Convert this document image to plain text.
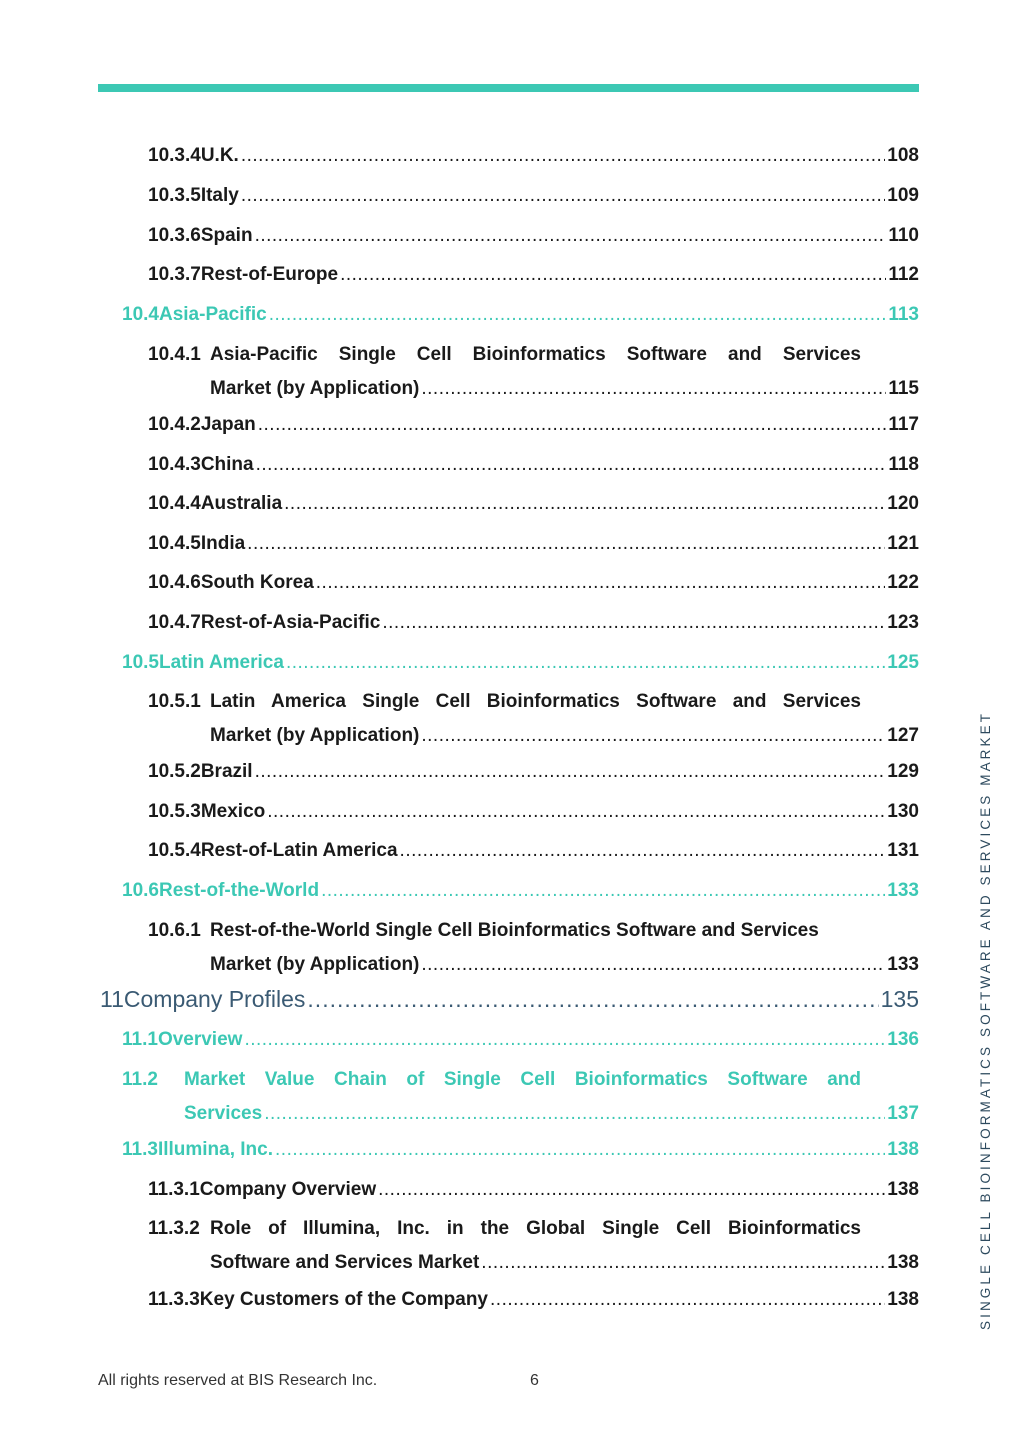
10.3.4 U.K. .....	108
10.3.5 Italy .....	109
10.3.6 Spain .....	110
10.3.7 Rest-of-Europe .....	112
10.4 Asia-Pacific .....	113
10.4.1 Asia-Pacific Single Cell Bioinformatics Software and Services
Market (by Application) .....	115
10.4.2 Japan .....	117
10.4.3 China .....	118
10.4.4 Australia .....	120
10.4.5 India .....	121
10.4.6 South Korea .....	122
10.4.7 Rest-of-Asia-Pacific .....	123
10.5 Latin America .....	125
10.5.1 Latin America Single Cell Bioinformatics Software and Services
Market (by Application) .....	127
10.5.2 Brazil .....	129
10.5.3 Mexico .....	130
10.5.4 Rest-of-Latin America .....	131
10.6 Rest-of-the-World .....	133
10.6.1 Rest-of-the-World Single Cell Bioinformatics Software and Services
Market (by Application) .....	133
11 Company Profiles .....	135
11.1 Overview .....	136
11.2	Market Value Chain of Single Cell Bioinformatics Software and
Services .....	137
11.3 Illumina, Inc. .....	138
11.3.1 Company Overview .....	138
11.3.2 Role of Illumina, Inc. in the Global Single Cell Bioinformatics
Software and Services Market .....	138
11.3.3 Key Customers of the Company .....	138	SINGLE CELL BIOINFORMATICS SOFTWARE AND SERVICES MARKET
All rights reserved at BIS Research Inc.	6
